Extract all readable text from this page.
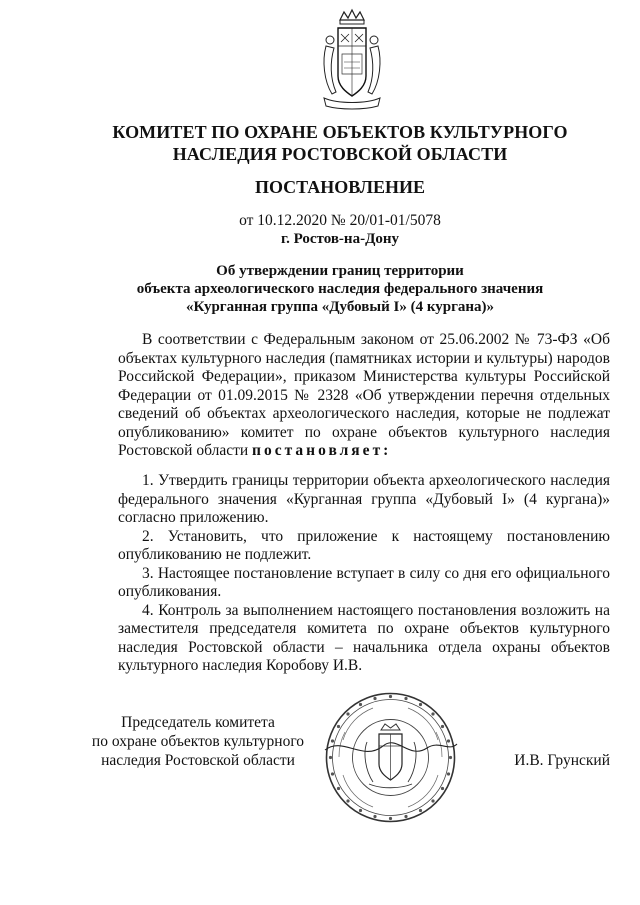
КОМИТЕТ ПО ОХРАНЕ ОБЪЕКТОВ КУЛЬТУРНОГО
НАСЛЕДИЯ РОСТОВСКОЙ ОБЛАСТИ
ПОСТАНОВЛЕНИЕ
от 10.12.2020 № 20/01-01/5078
г. Ростов-на-Дону
Об утверждении границ территории
объекта археологического наследия федерального значения
«Курганная группа «Дубовый I» (4 кургана)»
В соответствии с Федеральным законом от 25.06.2002 № 73-ФЗ «Об объектах культурного наследия (памятниках истории и культуры) народов Российской Федерации», приказом Министерства культуры Российской Федерации от 01.09.2015 № 2328 «Об утверждении перечня отдельных сведений об объектах археологического наследия, которые не подлежат опубликованию» комитет по охране объектов культурного наследия Ростовской области постановляет:

1. Утвердить границы территории объекта археологического наследия федерального значения «Курганная группа «Дубовый I» (4 кургана)» согласно приложению.

2. Установить, что приложение к настоящему постановлению опубликованию не подлежит.

3. Настоящее постановление вступает в силу со дня его официального опубликования.

4. Контроль за выполнением настоящего постановления возложить на заместителя председателя комитета по охране объектов культурного наследия Ростовской области – начальника отдела охраны объектов культурного наследия Коробову И.В.

Председатель комитета
по охране объектов культурного
наследия Ростовской области	И.В. Грунский
